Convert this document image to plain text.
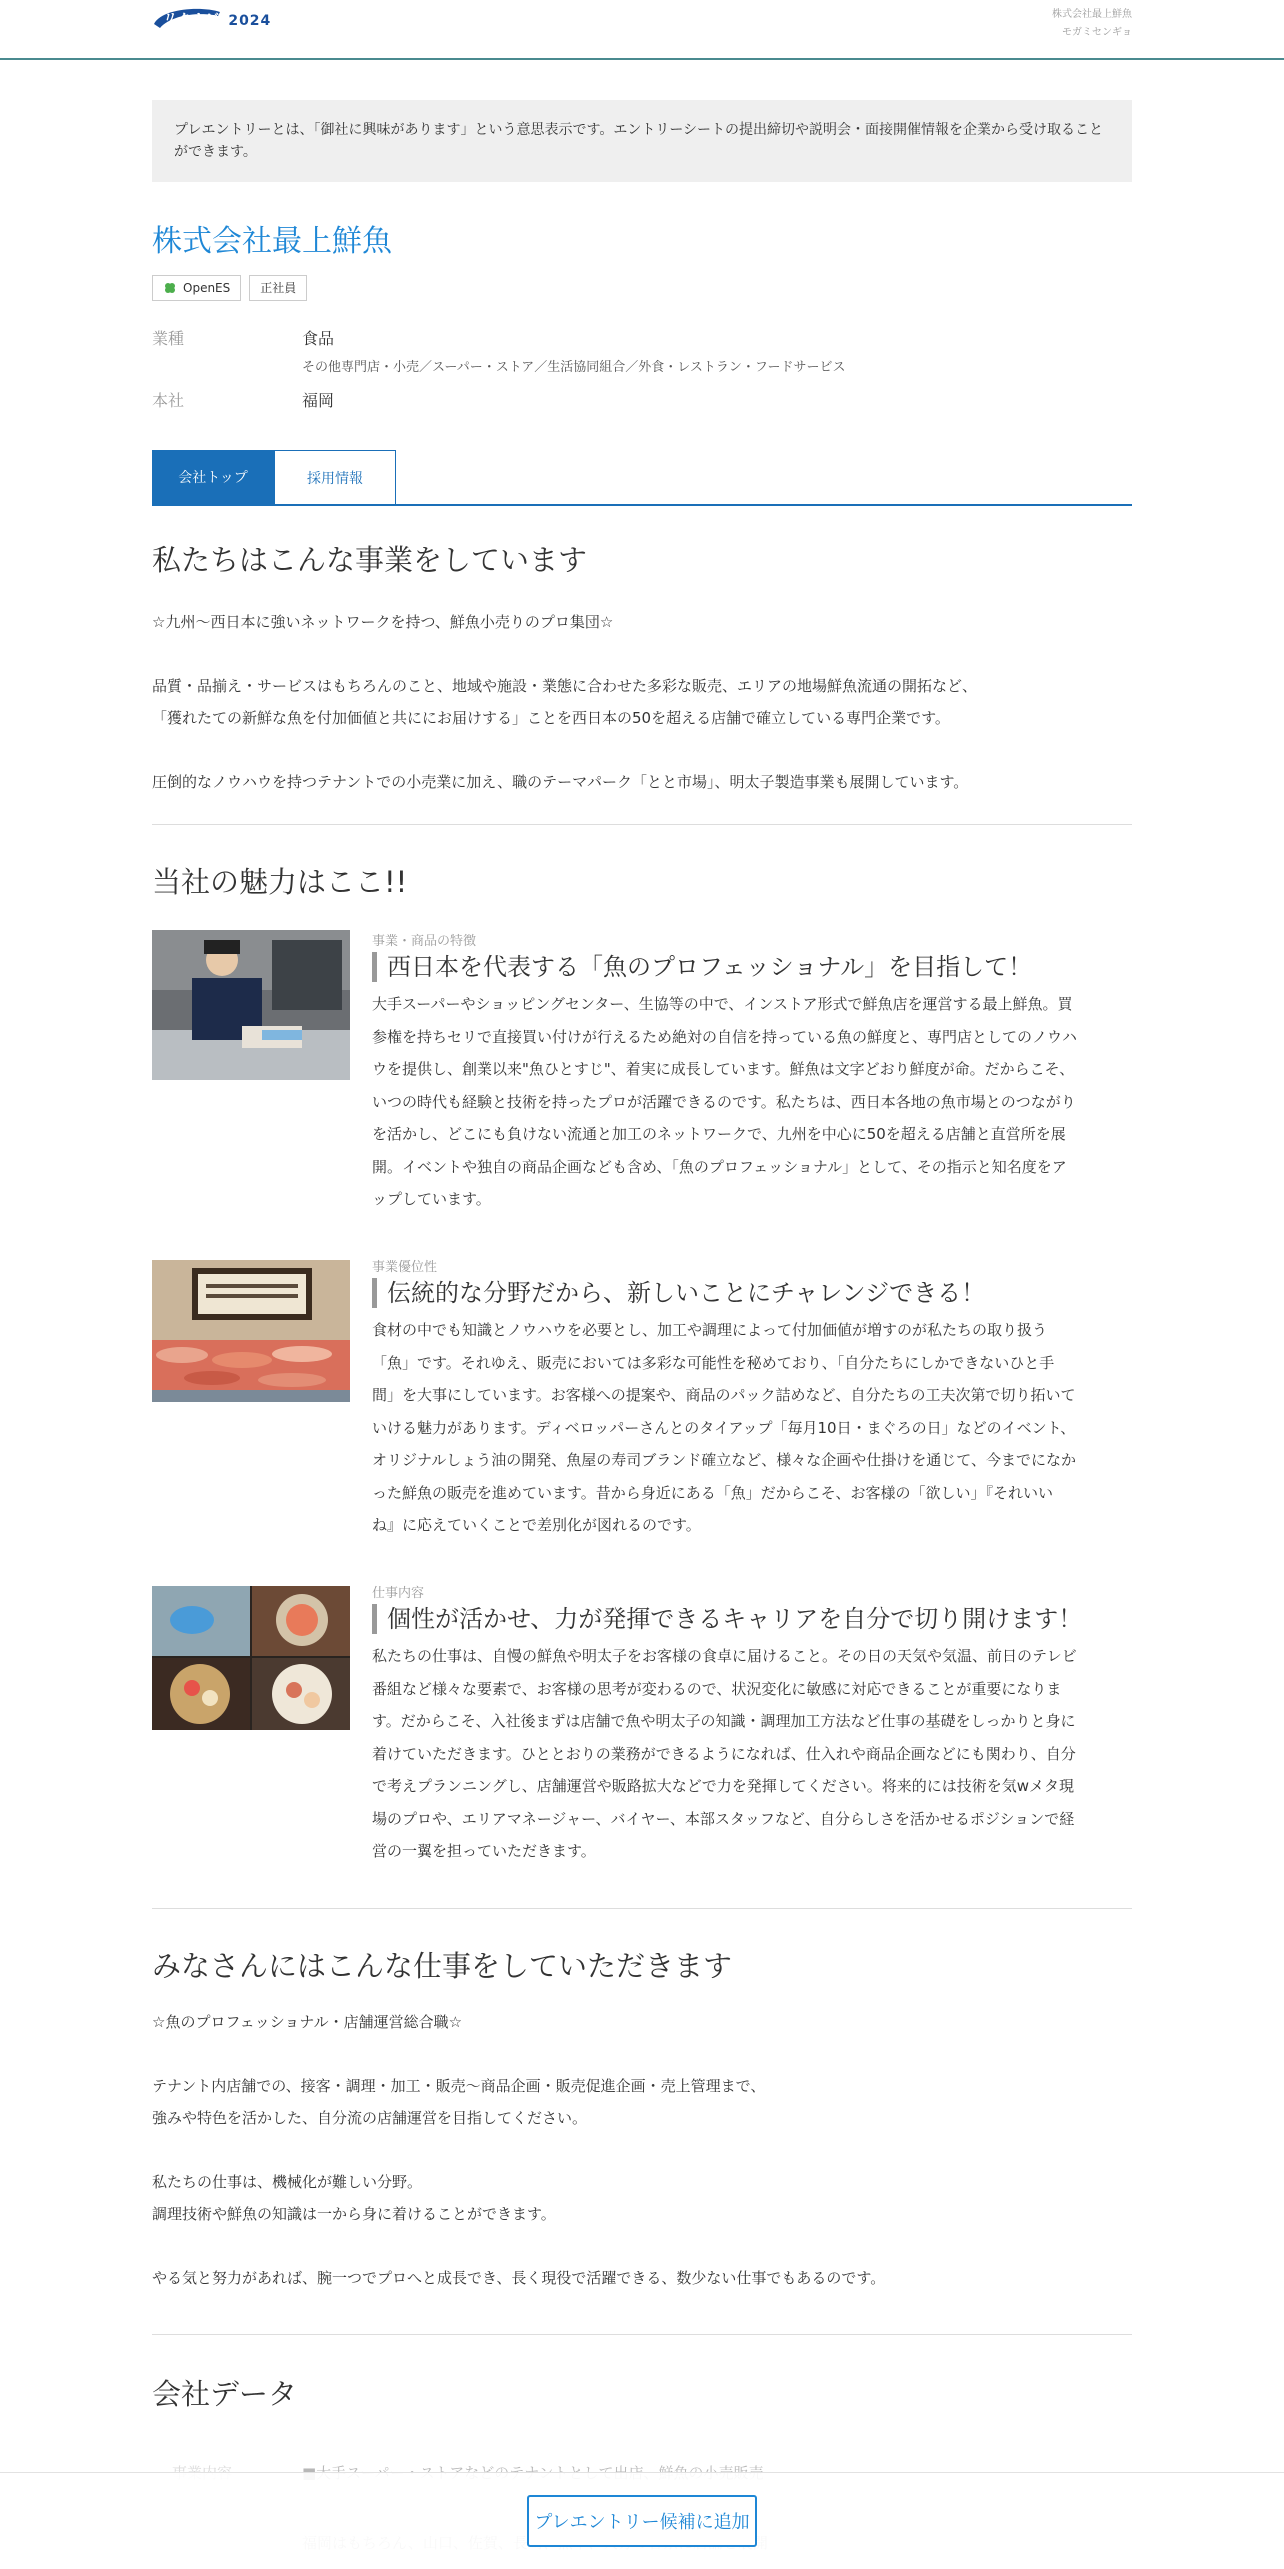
リクナビ 2024	株式会社最上鮮魚
モガミセンギョ
プレエントリーとは、「御社に興味があります」という意思表示です。エントリーシートの提出締切や説明会・面接開催情報を企業から受け取ることができます。
株式会社最上鮮魚
OpenES	正社員
業種	食品
その他専門店・小売／スーパー・ストア／生活協同組合／外食・レストラン・フードサービス
本社	福岡
会社トップ	採用情報
私たちはこんな事業をしています
☆九州～西日本に強いネットワークを持つ、鮮魚小売りのプロ集団☆
品質・品揃え・サービスはもちろんのこと、地域や施設・業態に合わせた多彩な販売、エリアの地場鮮魚流通の開拓など、
「獲れたての新鮮な魚を付加価値と共ににお届けする」ことを西日本の50を超える店舗で確立している専門企業です。
圧倒的なノウハウを持つテナントでの小売業に加え、職のテーマパーク「とと市場」、明太子製造事業も展開しています。
当社の魅力はここ!!
事業・商品の特徴
西日本を代表する「魚のプロフェッショナル」を目指して！
大手スーパーやショッピングセンター、生協等の中で、インストア形式で鮮魚店を運営する最上鮮魚。買
参権を持ちセリで直接買い付けが行えるため絶対の自信を持っている魚の鮮度と、専門店としてのノウハ
ウを提供し、創業以来"魚ひとすじ"、着実に成長しています。鮮魚は文字どおり鮮度が命。だからこそ、
いつの時代も経験と技術を持ったプロが活躍できるのです。私たちは、西日本各地の魚市場とのつながり
を活かし、どこにも負けない流通と加工のネットワークで、九州を中心に50を超える店舗と直営所を展
開。イベントや独自の商品企画なども含め、「魚のプロフェッショナル」として、その指示と知名度をア
ップしています。
事業優位性
伝統的な分野だから、新しいことにチャレンジできる！
食材の中でも知識とノウハウを必要とし、加工や調理によって付加価値が増すのが私たちの取り扱う
「魚」です。それゆえ、販売においては多彩な可能性を秘めており、「自分たちにしかできないひと手
間」を大事にしています。お客様への提案や、商品のパック詰めなど、自分たちの工夫次第で切り拓いて
いける魅力があります。ディベロッパーさんとのタイアップ「毎月10日・まぐろの日」などのイベント、
オリジナルしょう油の開発、魚屋の寿司ブランド確立など、様々な企画や仕掛けを通じて、今までになか
った鮮魚の販売を進めています。昔から身近にある「魚」だからこそ、お客様の「欲しい」『それいい
ね』に応えていくことで差別化が図れるのです。
仕事内容
個性が活かせ、力が発揮できるキャリアを自分で切り開けます！
私たちの仕事は、自慢の鮮魚や明太子をお客様の食卓に届けること。その日の天気や気温、前日のテレビ
番組など様々な要素で、お客様の思考が変わるので、状況変化に敏感に対応できることが重要になりま
す。だからこそ、入社後まずは店舗で魚や明太子の知識・調理加工方法など仕事の基礎をしっかりと身に
着けていただきます。ひととおりの業務ができるようになれば、仕入れや商品企画などにも関わり、自分
で考えプランニングし、店舗運営や販路拡大などで力を発揮してください。将来的には技術を気wメタ現
場のプロや、エリアマネージャー、バイヤー、本部スタッフなど、自分らしさを活かせるポジションで経
営の一翼を担っていただきます。
みなさんにはこんな仕事をしていただきます
☆魚のプロフェッショナル・店舗運営総合職☆
テナント内店舗での、接客・調理・加工・販売～商品企画・販売促進企画・売上管理まで、
強みや特色を活かした、自分流の店舗運営を目指してください。
私たちの仕事は、機械化が難しい分野。
調理技術や鮮魚の知識は一から身に着けることができます。
やる気と努力があれば、腕一つでプロへと成長でき、長く現役で活躍できる、数少ない仕事でもあるのです。
会社データ
プレエントリー候補に追加
